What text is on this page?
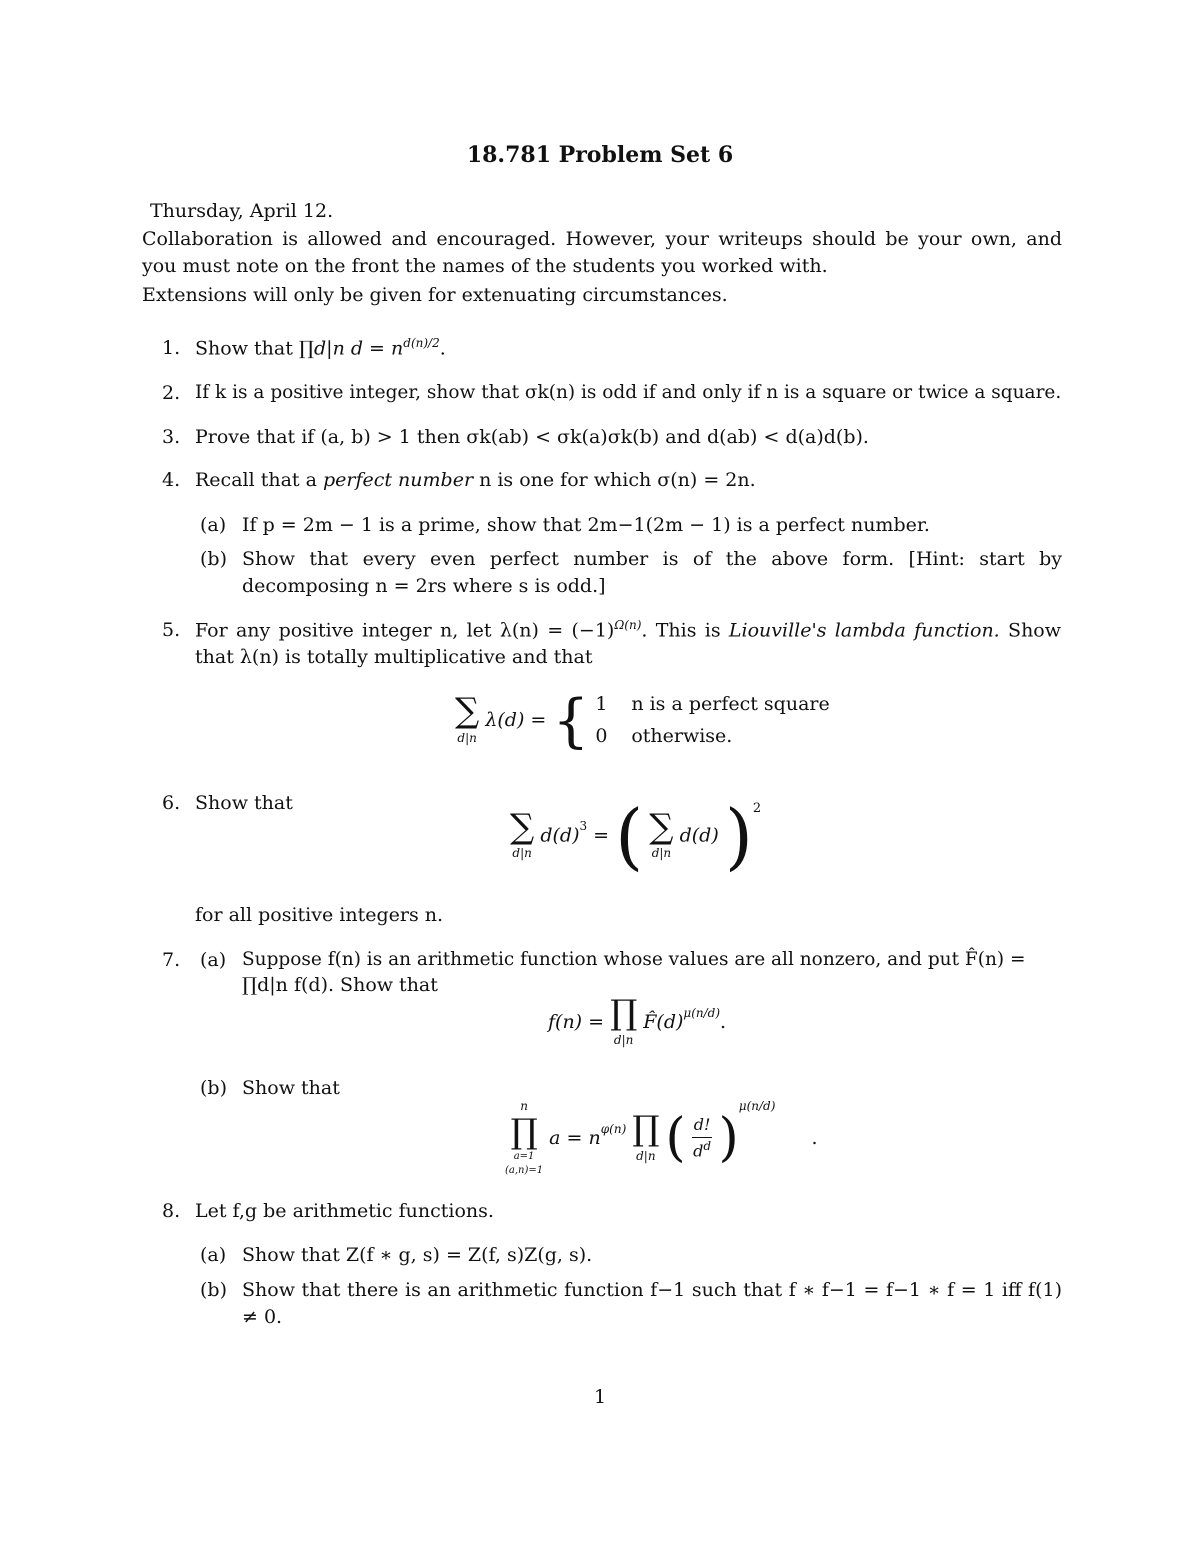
18.781 Problem Set 6

Thursday, April 12.

Collaboration is allowed and encouraged. However, your writeups should be your own, and you must note on the front the names of the students you worked with.

Extensions will only be given for extenuating circumstances.

1. Show that ∏d|n $d = n^{d(n)/2}$.
2. If k is a positive integer, show that σk(n) is odd if and only if n is a square or twice a square.
3. Prove that if (a, b) > 1 then σk(ab) < σk(a)σk(b) and d(ab) < d(a)d(b).
4. Recall that a perfect number n is one for which σ(n) = 2n.
(a) If p = 2m − 1 is a prime, show that 2m−1(2m − 1) is a perfect number.
(b) Show that every even perfect number is of the above form. [Hint: start by decomposing n = 2rs where s is odd.]
5. For any positive integer n, let $\lambda(n) = (-1)^{\Omega(n)}$. This is Liouville's lambda function. Show that λ(n) is totally multiplicative and that
∑
d|n
λ(d) = { 1 n is a perfect square
0 otherwise.
6. Show that
∑
d|n
$d(d)^3$ = ( ∑
d|n
d(d) )$^2$
for all positive integers n.
7. (a) Suppose f(n) is an arithmetic function whose values are all nonzero, and put F̂(n) =
∏d|n f(d). Show that
f(n) = ∏
d|n
$F̂(d)^{\mu(n/d)}$.
(b) Show that
n
∏
a=1
(a,n)=1
$a = n^{\varphi(n)}$ ∏
d|n ( $\frac{d!}{d^d} )^{\mu(n/d)}$ .
8. Let f,g be arithmetic functions.
(a) Show that Z(f ∗ g, s) = Z(f, s)Z(g, s).
(b) Show that there is an arithmetic function f−1 such that f ∗ f−1 = f−1 ∗ f = 1 iff f(1) ≠ 0.
1
